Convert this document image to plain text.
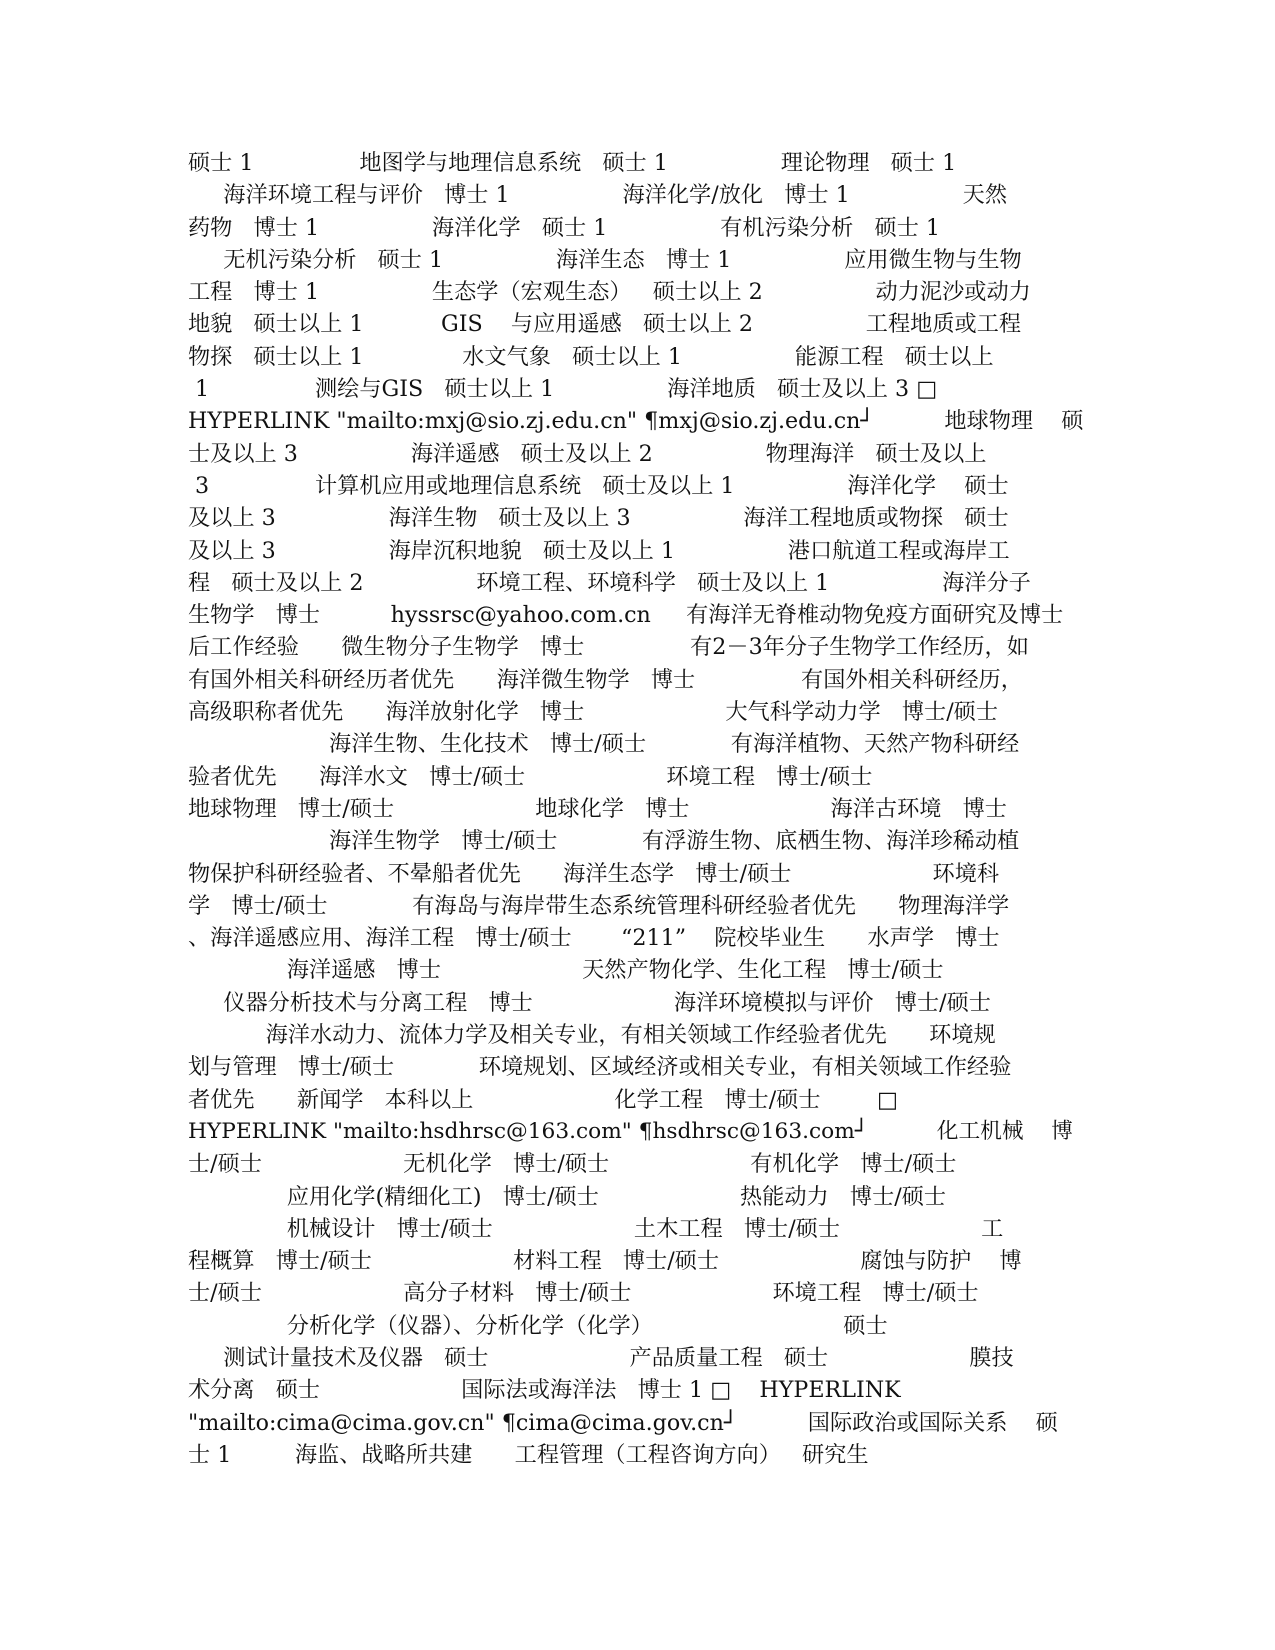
硕士 1               地图学与地理信息系统   硕士 1                理论物理   硕士 1
海洋环境工程与评价   博士 1                海洋化学/放化   博士 1                天然
药物   博士 1                海洋化学   硕士 1                有机污染分析   硕士 1
无机污染分析   硕士 1                海洋生态   博士 1                应用微生物与生物
工程   博士 1                生态学（宏观生态）   硕士以上 2                动力泥沙或动力
地貌   硕士以上 1           GIS    与应用遥感   硕士以上 2                工程地质或工程
物探   硕士以上 1              水文气象   硕士以上 1                能源工程   硕士以上
1               测绘与GIS   硕士以上 1                海洋地质   硕士及以上 3 □
HYPERLINK "mailto:mxj@sio.zj.edu.cn" ¶mxj@sio.zj.edu.cn┘          地球物理    硕
士及以上 3                海洋遥感   硕士及以上 2                物理海洋   硕士及以上
3               计算机应用或地理信息系统   硕士及以上 1                海洋化学    硕士
及以上 3                海洋生物   硕士及以上 3                海洋工程地质或物探   硕士
及以上 3                海岸沉积地貌   硕士及以上 1                港口航道工程或海岸工
程   硕士及以上 2                环境工程、环境科学   硕士及以上 1                海洋分子
生物学   博士          hyssrsc@yahoo.com.cn     有海洋无脊椎动物免疫方面研究及博士
后工作经验      微生物分子生物学   博士               有2－3年分子生物学工作经历，如
有国外相关科研经历者优先      海洋微生物学   博士               有国外相关科研经历，
高级职称者优先      海洋放射化学   博士                    大气科学动力学   博士/硕士
海洋生物、生化技术   博士/硕士            有海洋植物、天然产物科研经
验者优先      海洋水文   博士/硕士                    环境工程   博士/硕士
地球物理   博士/硕士                    地球化学   博士                    海洋古环境   博士
海洋生物学   博士/硕士            有浮游生物、底栖生物、海洋珍稀动植
物保护科研经验者、不晕船者优先      海洋生态学   博士/硕士                    环境科
学   博士/硕士            有海岛与海岸带生态系统管理科研经验者优先      物理海洋学
、海洋遥感应用、海洋工程   博士/硕士       “211”    院校毕业生      水声学   博士
海洋遥感   博士                    天然产物化学、生化工程   博士/硕士
仪器分析技术与分离工程   博士                    海洋环境模拟与评价   博士/硕士
海洋水动力、流体力学及相关专业，有相关领域工作经验者优先      环境规
划与管理   博士/硕士            环境规划、区域经济或相关专业，有相关领域工作经验
者优先      新闻学   本科以上                    化学工程   博士/硕士        □
HYPERLINK "mailto:hsdhrsc@163.com" ¶hsdhrsc@163.com┘          化工机械    博
士/硕士                    无机化学   博士/硕士                    有机化学   博士/硕士
应用化学(精细化工)   博士/硕士                    热能动力   博士/硕士
机械设计   博士/硕士                    土木工程   博士/硕士                    工
程概算   博士/硕士                    材料工程   博士/硕士                    腐蚀与防护    博
士/硕士                    高分子材料   博士/硕士                    环境工程   博士/硕士
分析化学（仪器）、分析化学（化学）                           硕士
测试计量技术及仪器   硕士                    产品质量工程   硕士                    膜技
术分离   硕士                    国际法或海洋法   博士 1 □    HYPERLINK
"mailto:cima@cima.gov.cn" ¶cima@cima.gov.cn┘          国际政治或国际关系    硕
士 1         海监、战略所共建      工程管理（工程咨询方向）   研究生
